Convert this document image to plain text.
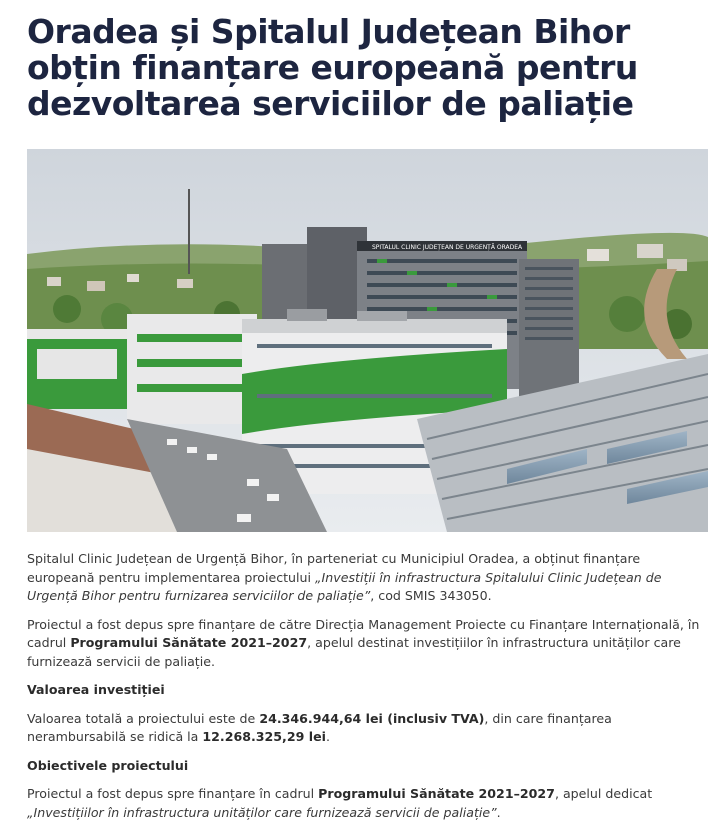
Oradea și Spitalul Județean Bihor
obțin finanțare europeană pentru
dezvoltarea serviciilor de paliație
SPITALUL CLINIC JUDEȚEAN DE URGENȚĂ ORADEA

Spitalul Clinic Județean de Urgență Bihor, în parteneriat cu Municipiul Oradea, a obținut finanțare europeană pentru implementarea proiectului „Investiții în infrastructura Spitalului Clinic Județean de Urgență Bihor pentru furnizarea serviciilor de paliație”, cod SMIS 343050.

Proiectul a fost depus spre finanțare de către Direcția Management Proiecte cu Finanțare Internațională, în cadrul Programului Sănătate 2021–2027, apelul destinat investițiilor în infrastructura unităților care furnizează servicii de paliație.

Valoarea investiției

Valoarea totală a proiectului este de 24.346.944,64 lei (inclusiv TVA), din care finanțarea nerambursabilă se ridică la 12.268.325,29 lei.

Obiectivele proiectului

Proiectul a fost depus spre finanțare în cadrul Programului Sănătate 2021–2027, apelul dedicat „Investițiilor în infrastructura unităților care furnizează servicii de paliație”.
